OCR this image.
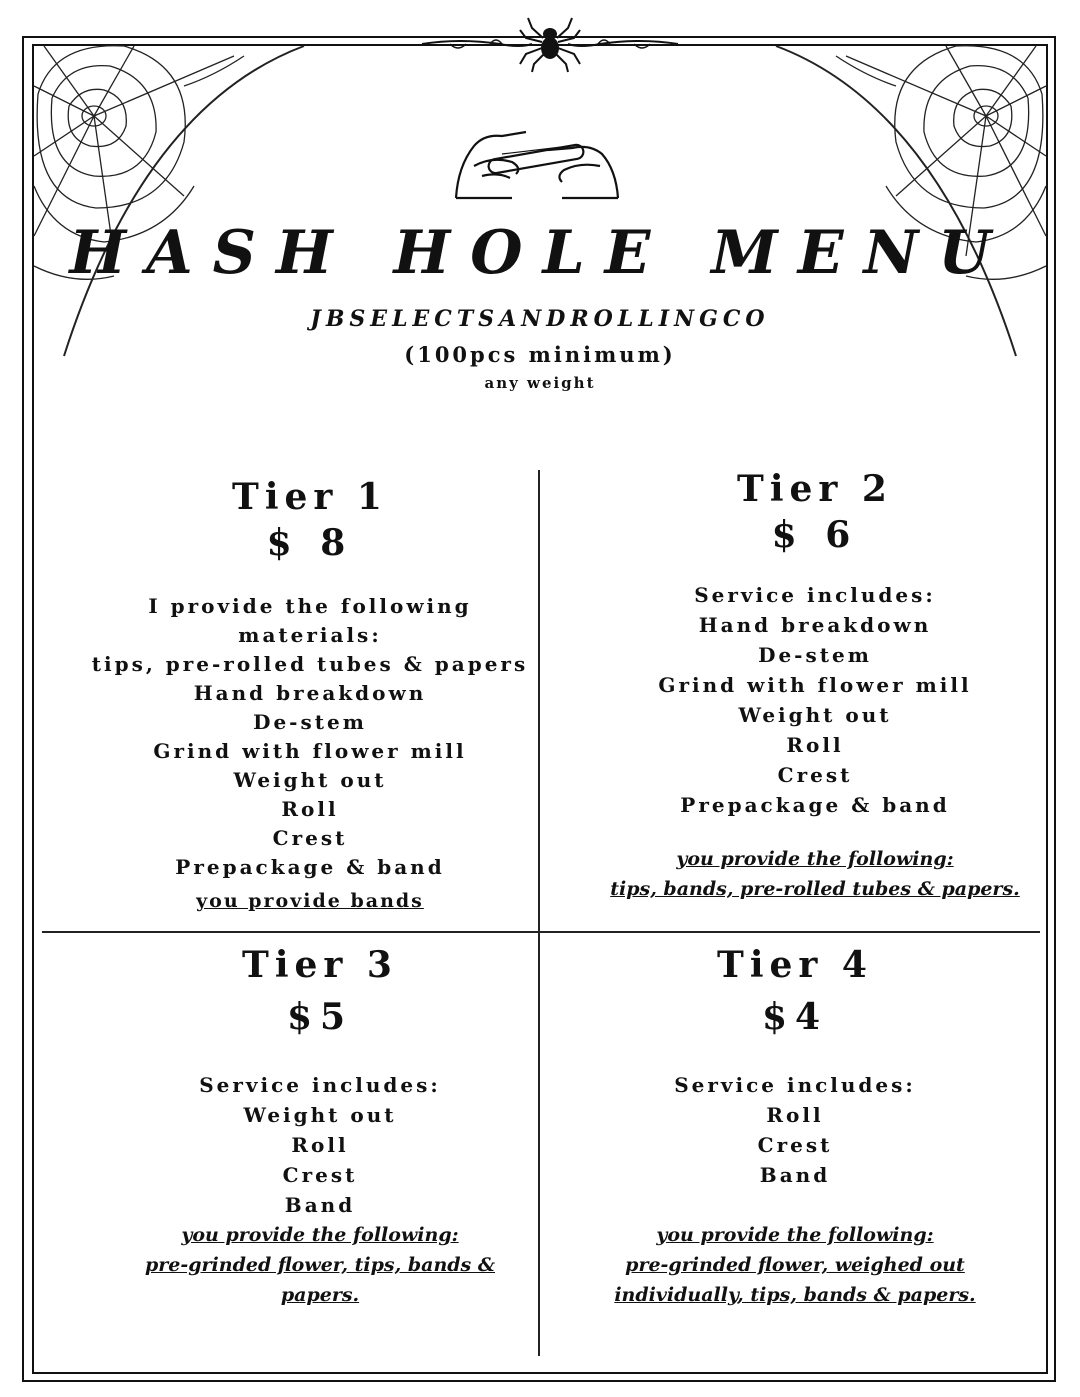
HASH HOLE MENU
JBSELECTSANDROLLINGCO
(100pcs minimum)
any weight
Tier 1
$ 8
I provide the following
materials:
tips, pre-rolled tubes & papers
Hand breakdown
De-stem
Grind with flower mill
Weight out
Roll
Crest
Prepackage & band
you provide bands
Tier 2
$ 6
Service includes:
Hand breakdown
De-stem
Grind with flower mill
Weight out
Roll
Crest
Prepackage & band
you provide the following:
tips, bands, pre-rolled tubes & papers.
Tier 3
$5
Service includes:
Weight out
Roll
Crest
Band
you provide the following:
pre-grinded flower, tips, bands &
papers.
Tier 4
$4
Service includes:
Roll
Crest
Band
you provide the following:
pre-grinded flower, weighed out
individually, tips, bands & papers.
